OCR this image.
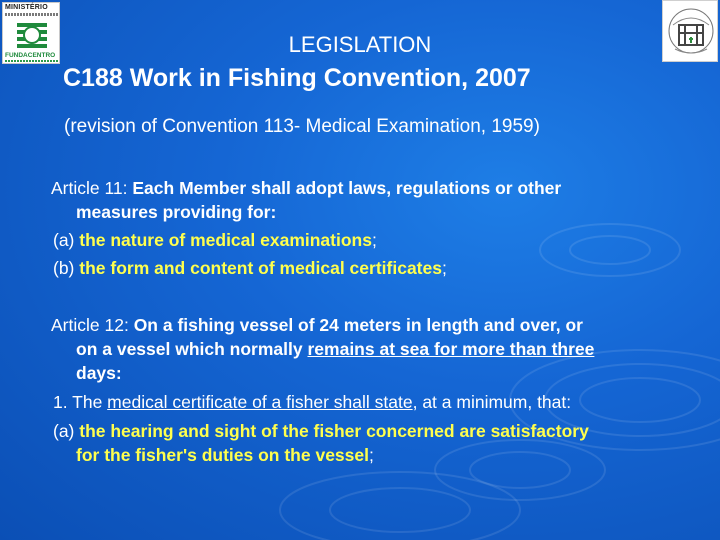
MINISTÉRIO
FUNDACENTRO	LEGISLATION
C188 Work in Fishing Convention, 2007
(revision of Convention 113- Medical Examination, 1959)
Article 11: Each Member shall adopt laws, regulations or other
measures providing for:
(a) the nature of medical examinations;
(b) the form and content of medical certificates;
Article 12: On a fishing vessel of 24 meters in length and over, or
on a vessel which normally remains at sea for more than three
days:
1. The medical certificate of a fisher shall state, at a minimum, that:
(a) the hearing and sight of the fisher concerned are satisfactory
for the fisher's duties on the vessel;
